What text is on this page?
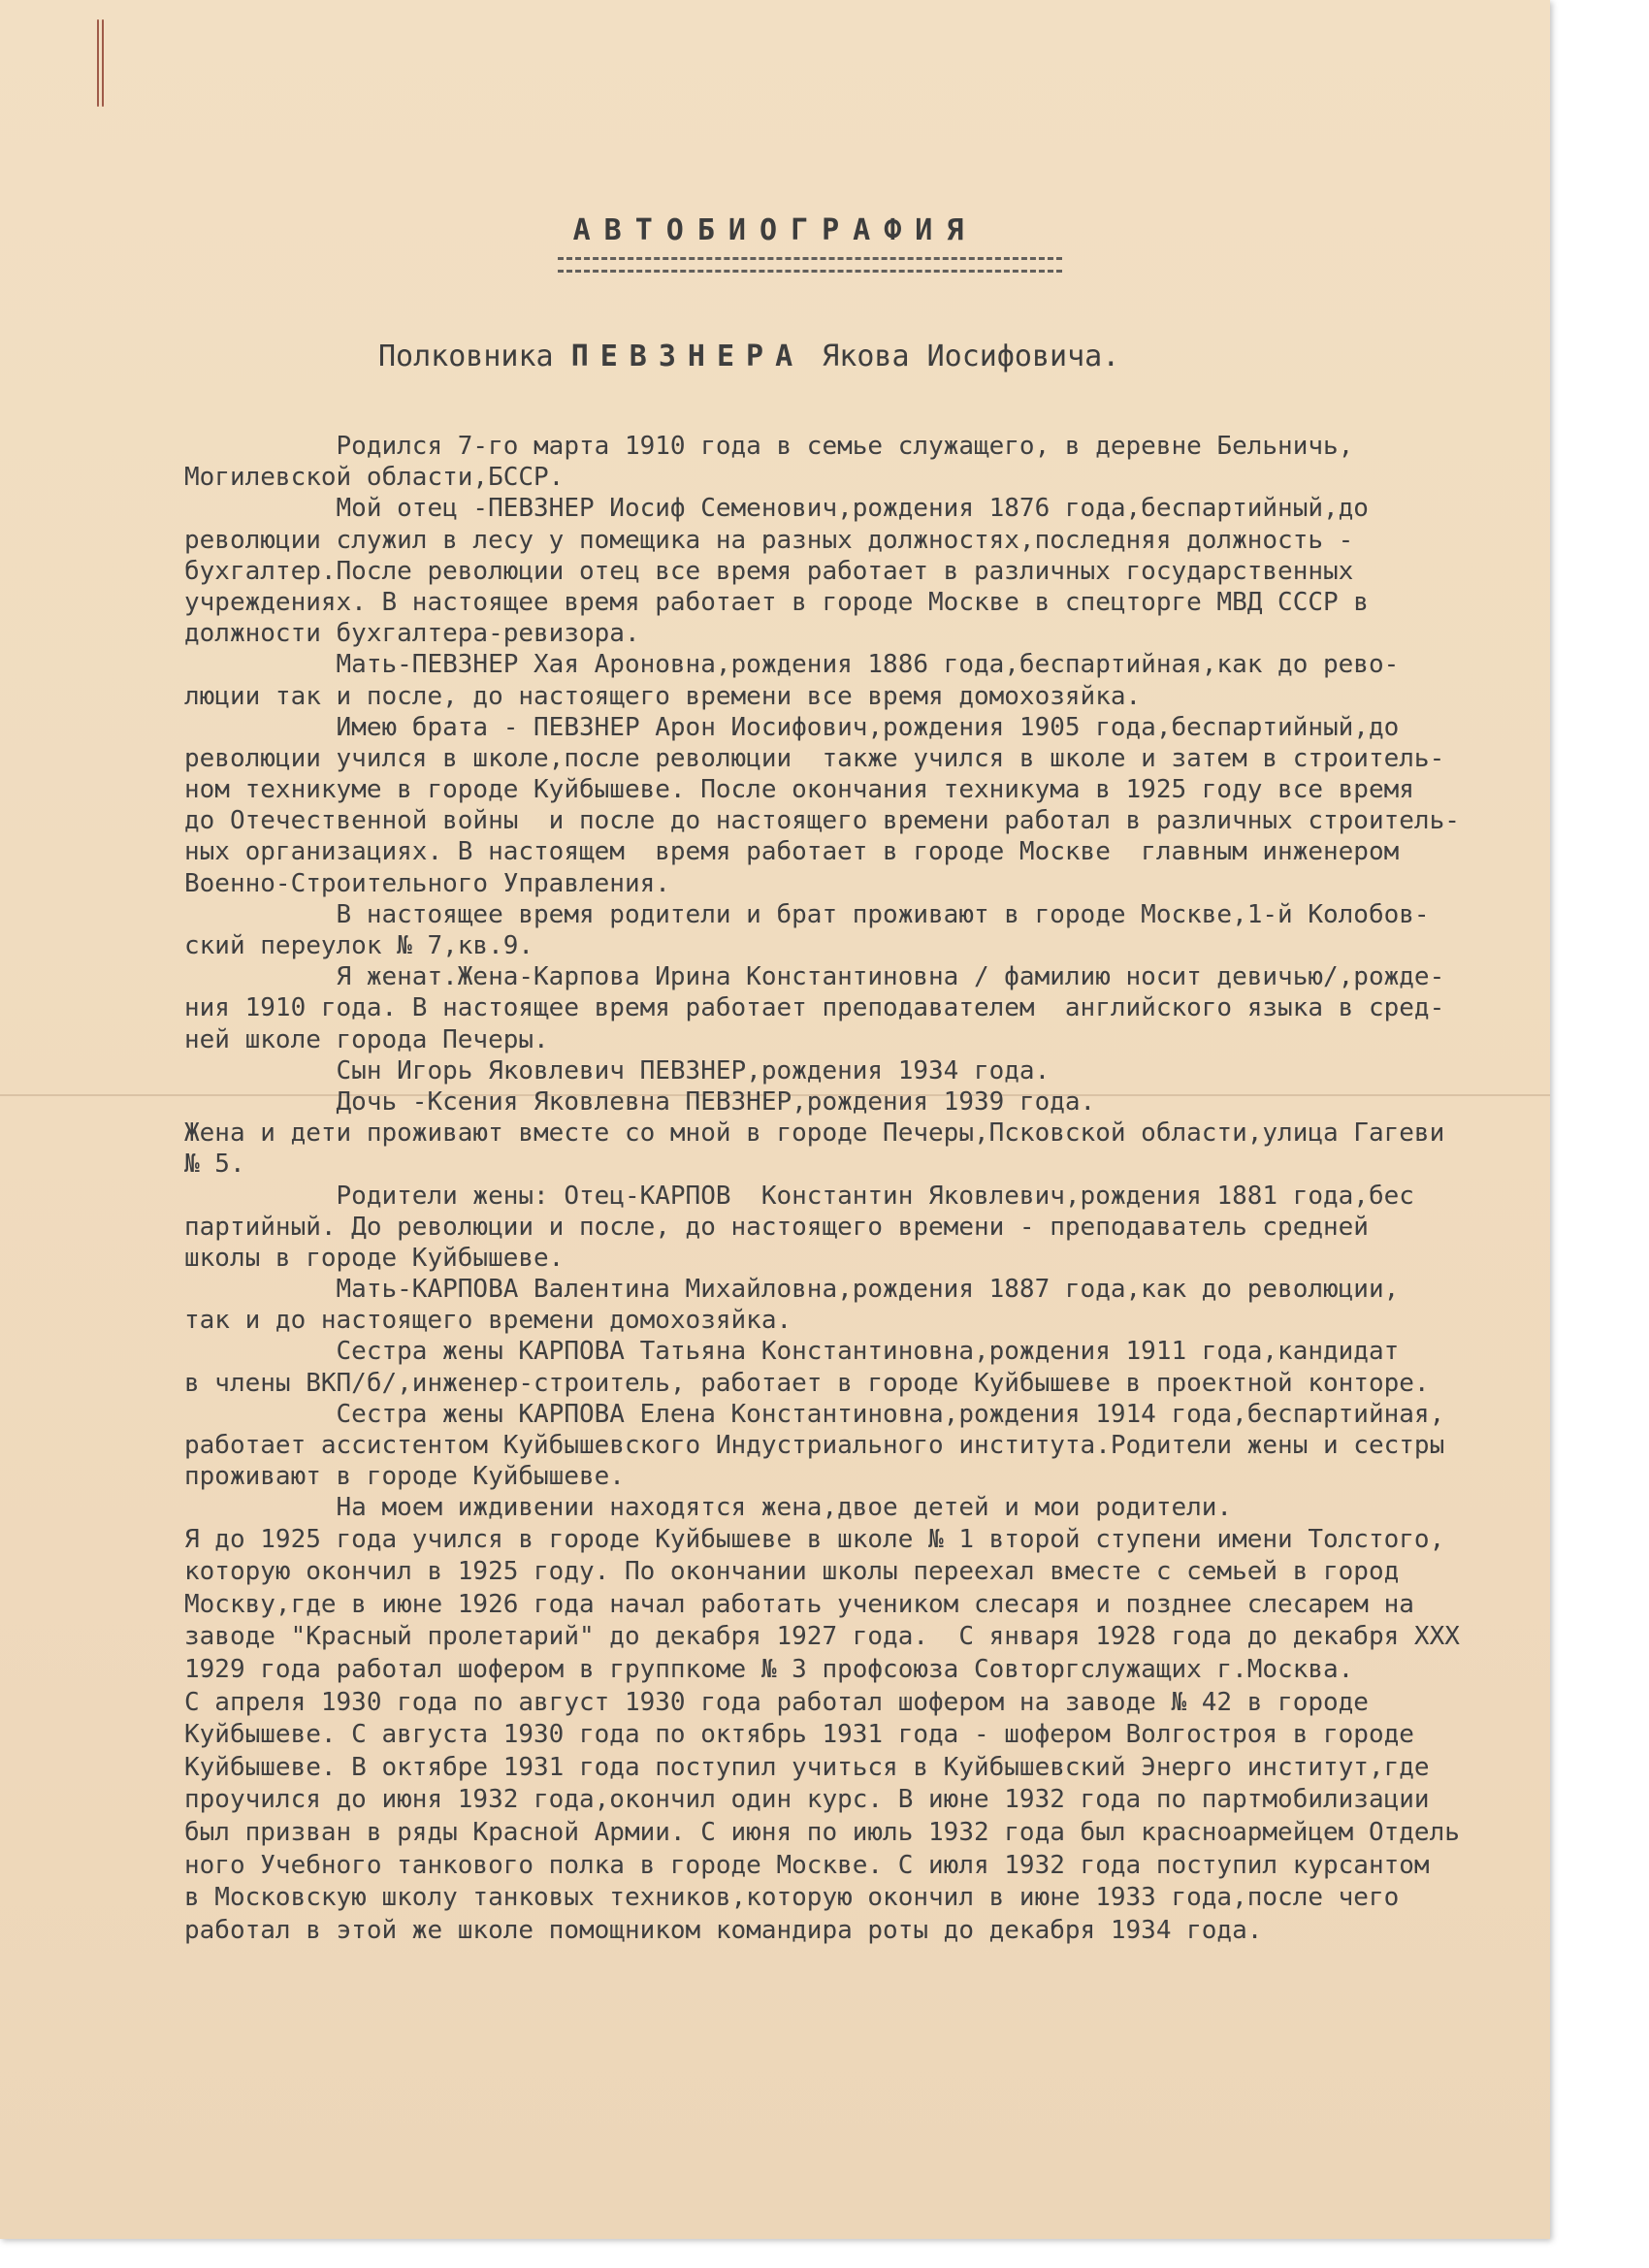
АВТОБИОГРАФИЯ
Полковника ПЕВЗНЕРА Якова Иосифовича.
Родился 7-го марта 1910 года в семье служащего, в деревне Бельничь,
Могилевской области,БССР.
Мой отец -ПЕВЗНЕР Иосиф Семенович,рождения 1876 года,беспартийный,до
революции служил в лесу у помещика на разных должностях,последняя должность -
бухгалтер.После революции отец все время работает в различных государственных
учреждениях. В настоящее время работает в городе Москве в спецторге МВД СССР в
должности бухгалтера-ревизора.
Мать-ПЕВЗНЕР Хая Ароновна,рождения 1886 года,беспартийная,как до рево-
люции так и после, до настоящего времени все время домохозяйка.
Имею брата - ПЕВЗНЕР Арон Иосифович,рождения 1905 года,беспартийный,до
революции учился в школе,после революции  также учился в школе и затем в строитель-
ном техникуме в городе Куйбышеве. После окончания техникума в 1925 году все время
до Отечественной войны  и после до настоящего времени работал в различных строитель-
ных организациях. В настоящем  время работает в городе Москве  главным инженером
Военно-Строительного Управления.
В настоящее время родители и брат проживают в городе Москве,1-й Колобов-
ский переулок № 7,кв.9.
Я женат.Жена-Карпова Ирина Константиновна / фамилию носит девичью/,рожде-
ния 1910 года. В настоящее время работает преподавателем  английского языка в сред-
ней школе города Печеры.
Сын Игорь Яковлевич ПЕВЗНЕР,рождения 1934 года.
Дочь -Ксения Яковлевна ПЕВЗНЕР,рождения 1939 года.
Жена и дети проживают вместе со мной в городе Печеры,Псковской области,улица Гагеви
№ 5.
Родители жены: Отец-КАРПОВ  Константин Яковлевич,рождения 1881 года,бес
партийный. До революции и после, до настоящего времени - преподаватель средней
школы в городе Куйбышеве.
Мать-КАРПОВА Валентина Михайловна,рождения 1887 года,как до революции,
так и до настоящего времени домохозяйка.
Сестра жены КАРПОВА Татьяна Константиновна,рождения 1911 года,кандидат
в члены ВКП/б/,инженер-строитель, работает в городе Куйбышеве в проектной конторе.
Сестра жены КАРПОВА Елена Константиновна,рождения 1914 года,беспартийная,
работает ассистентом Куйбышевского Индустриального института.Родители жены и сестры
проживают в городе Куйбышеве.
На моем иждивении находятся жена,двое детей и мои родители.
Я до 1925 года учился в городе Куйбышеве в школе № 1 второй ступени имени Толстого,
которую окончил в 1925 году. По окончании школы переехал вместе с семьей в город
Москву,где в июне 1926 года начал работать учеником слесаря и позднее слесарем на
заводе "Красный пролетарий" до декабря 1927 года.  С января 1928 года до декабря XXX
1929 года работал шофером в группкоме № 3 профсоюза Совторгслужащих г.Москва.
С апреля 1930 года по август 1930 года работал шофером на заводе № 42 в городе
Куйбышеве. С августа 1930 года по октябрь 1931 года - шофером Волгостроя в городе
Куйбышеве. В октябре 1931 года поступил учиться в Куйбышевский Энерго институт,где
проучился до июня 1932 года,окончил один курс. В июне 1932 года по партмобилизации
был призван в ряды Красной Армии. С июня по июль 1932 года был красноармейцем Отдель
ного Учебного танкового полка в городе Москве. С июля 1932 года поступил курсантом
в Московскую школу танковых техников,которую окончил в июне 1933 года,после чего
работал в этой же школе помощником командира роты до декабря 1934 года.
